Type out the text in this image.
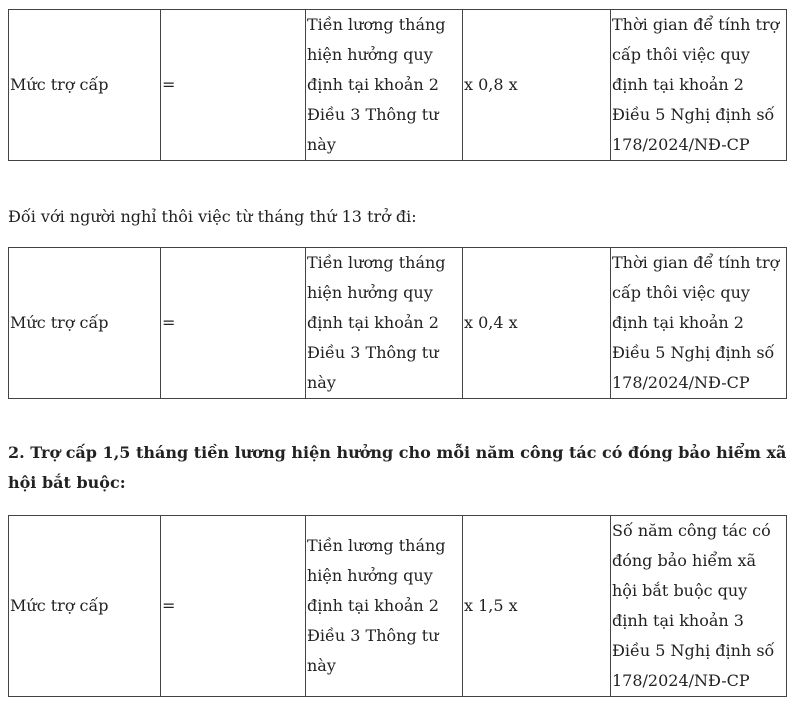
Mức trợ cấp	=	Tiền lương tháng hiện hưởng quy định tại khoản 2 Điều 3 Thông tư này	x 0,8 x	Thời gian để tính trợ cấp thôi việc quy định tại khoản 2 Điều 5 Nghị định số 178/2024/NĐ-CP

Đối với người nghỉ thôi việc từ tháng thứ 13 trở đi:

Mức trợ cấp	=	Tiền lương tháng hiện hưởng quy định tại khoản 2 Điều 3 Thông tư này	x 0,4 x	Thời gian để tính trợ cấp thôi việc quy định tại khoản 2 Điều 5 Nghị định số 178/2024/NĐ-CP

2. Trợ cấp 1,5 tháng tiền lương hiện hưởng cho mỗi năm công tác có đóng bảo hiểm xã hội bắt buộc:

Mức trợ cấp	=	Tiền lương tháng hiện hưởng quy định tại khoản 2 Điều 3 Thông tư này	x 1,5 x	Số năm công tác có đóng bảo hiểm xã hội bắt buộc quy định tại khoản 3 Điều 5 Nghị định số 178/2024/NĐ-CP
